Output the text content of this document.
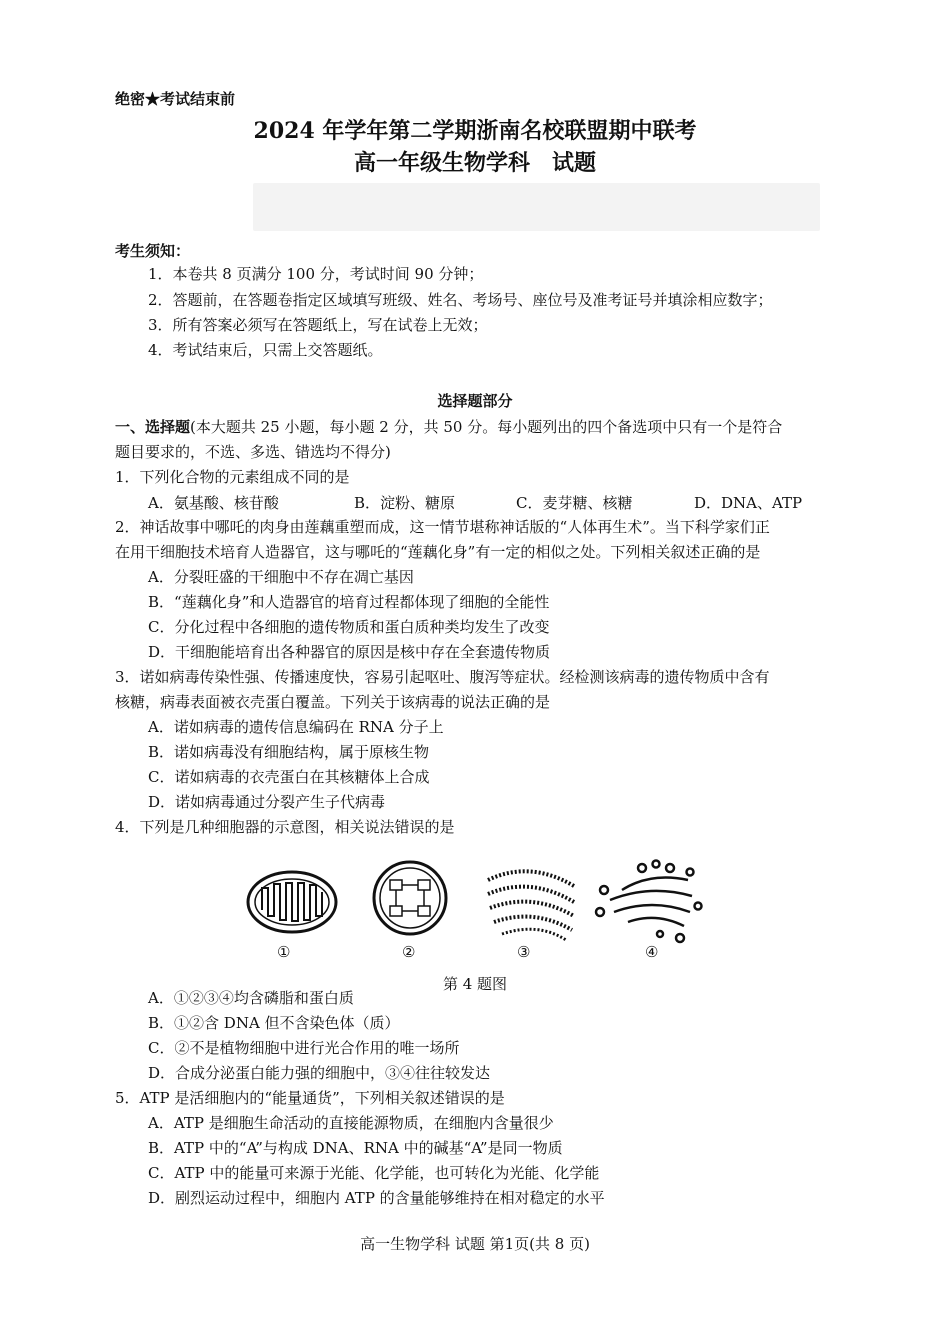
绝密★考试结束前
2024 年学年第二学期浙南名校联盟期中联考
高一年级生物学科　试题
考生须知：
1．本卷共 8 页满分 100 分，考试时间 90 分钟；
2．答题前，在答题卷指定区域填写班级、姓名、考场号、座位号及准考证号并填涂相应数字；
3．所有答案必须写在答题纸上，写在试卷上无效；
4．考试结束后，只需上交答题纸。
选择题部分
一、选择题(本大题共 25 小题，每小题 2 分，共 50 分。每小题列出的四个备选项中只有一个是符合
题目要求的，不选、多选、错选均不得分)
1．下列化合物的元素组成不同的是
A．氨基酸、核苷酸	B．淀粉、糖原	C．麦芽糖、核糖	D．DNA、ATP
2．神话故事中哪吒的肉身由莲藕重塑而成，这一情节堪称神话版的“人体再生术”。当下科学家们正
在用干细胞技术培育人造器官，这与哪吒的“莲藕化身”有一定的相似之处。下列相关叙述正确的是
A．分裂旺盛的干细胞中不存在凋亡基因
B．“莲藕化身”和人造器官的培育过程都体现了细胞的全能性
C．分化过程中各细胞的遗传物质和蛋白质种类均发生了改变
D．干细胞能培育出各种器官的原因是核中存在全套遗传物质
3．诺如病毒传染性强、传播速度快，容易引起呕吐、腹泻等症状。经检测该病毒的遗传物质中含有
核糖，病毒表面被衣壳蛋白覆盖。下列关于该病毒的说法正确的是
A．诺如病毒的遗传信息编码在 RNA 分子上
B．诺如病毒没有细胞结构，属于原核生物
C．诺如病毒的衣壳蛋白在其核糖体上合成
D．诺如病毒通过分裂产生子代病毒
4．下列是几种细胞器的示意图，相关说法错误的是
①	②	③	④
第 4 题图
A．①②③④均含磷脂和蛋白质
B．①②含 DNA 但不含染色体（质）
C．②不是植物细胞中进行光合作用的唯一场所
D．合成分泌蛋白能力强的细胞中，③④往往较发达
5．ATP 是活细胞内的“能量通货”，下列相关叙述错误的是
A．ATP 是细胞生命活动的直接能源物质，在细胞内含量很少
B．ATP 中的“A”与构成 DNA、RNA 中的碱基“A”是同一物质
C．ATP 中的能量可来源于光能、化学能，也可转化为光能、化学能
D．剧烈运动过程中，细胞内 ATP 的含量能够维持在相对稳定的水平
高一生物学科 试题 第1页(共 8 页)
